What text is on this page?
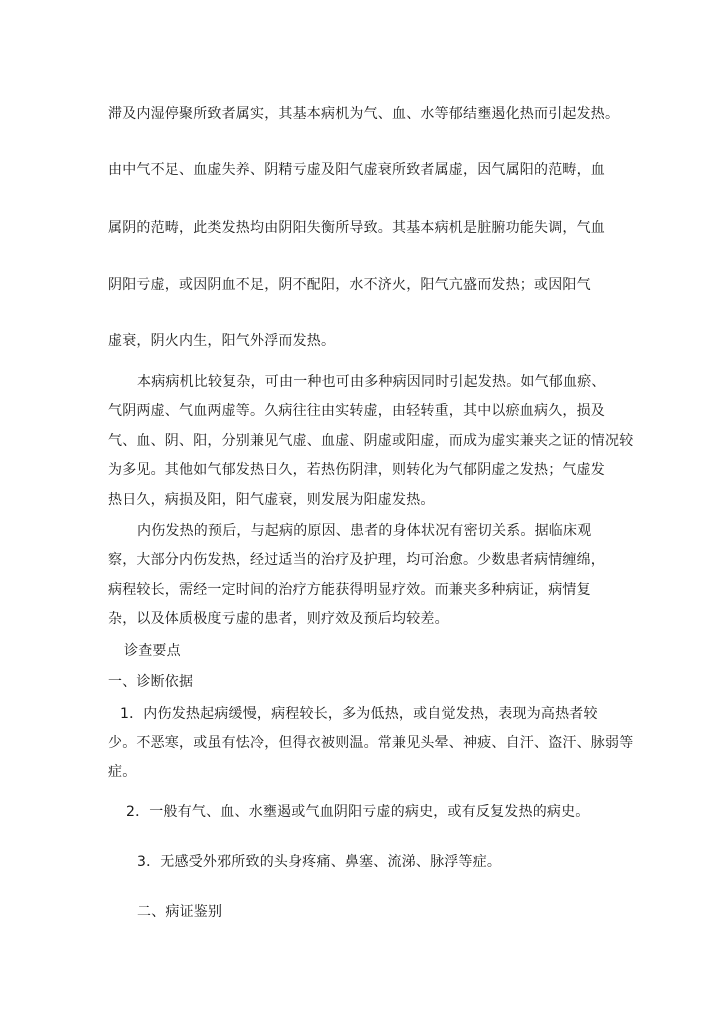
滞及内湿停聚所致者属实，其基本病机为气、血、水等郁结壅遏化热而引起发热。
由中气不足、血虚失养、阴精亏虚及阳气虚衰所致者属虚，因气属阳的范畴，血
属阴的范畴，此类发热均由阴阳失衡所导致。其基本病机是脏腑功能失调，气血
阴阳亏虚，或因阴血不足，阴不配阳，水不济火，阳气亢盛而发热；或因阳气
虚衰，阴火内生，阳气外浮而发热。
本病病机比较复杂，可由一种也可由多种病因同时引起发热。如气郁血瘀、
气阴两虚、气血两虚等。久病往往由实转虚，由轻转重，其中以瘀血病久，损及
气、血、阴、阳，分别兼见气虚、血虚、阴虚或阳虚，而成为虚实兼夹之证的情况较
为多见。其他如气郁发热日久，若热伤阴津，则转化为气郁阴虚之发热；气虚发
热日久，病损及阳，阳气虚衰，则发展为阳虚发热。
内伤发热的预后，与起病的原因、患者的身体状况有密切关系。据临床观
察，大部分内伤发热，经过适当的治疗及护理，均可治愈。少数患者病情缠绵，
病程较长，需经一定时间的治疗方能获得明显疗效。而兼夹多种病证，病情复
杂，以及体质极度亏虚的患者，则疗效及预后均较差。
诊查要点
一、诊断依据
1．内伤发热起病缓慢，病程较长，多为低热，或自觉发热，表现为高热者较
少。不恶寒，或虽有怯冷，但得衣被则温。常兼见头晕、神疲、自汗、盗汗、脉弱等
症。
2．一般有气、血、水壅遏或气血阴阳亏虚的病史，或有反复发热的病史。
3．无感受外邪所致的头身疼痛、鼻塞、流涕、脉浮等症。
二、病证鉴别
